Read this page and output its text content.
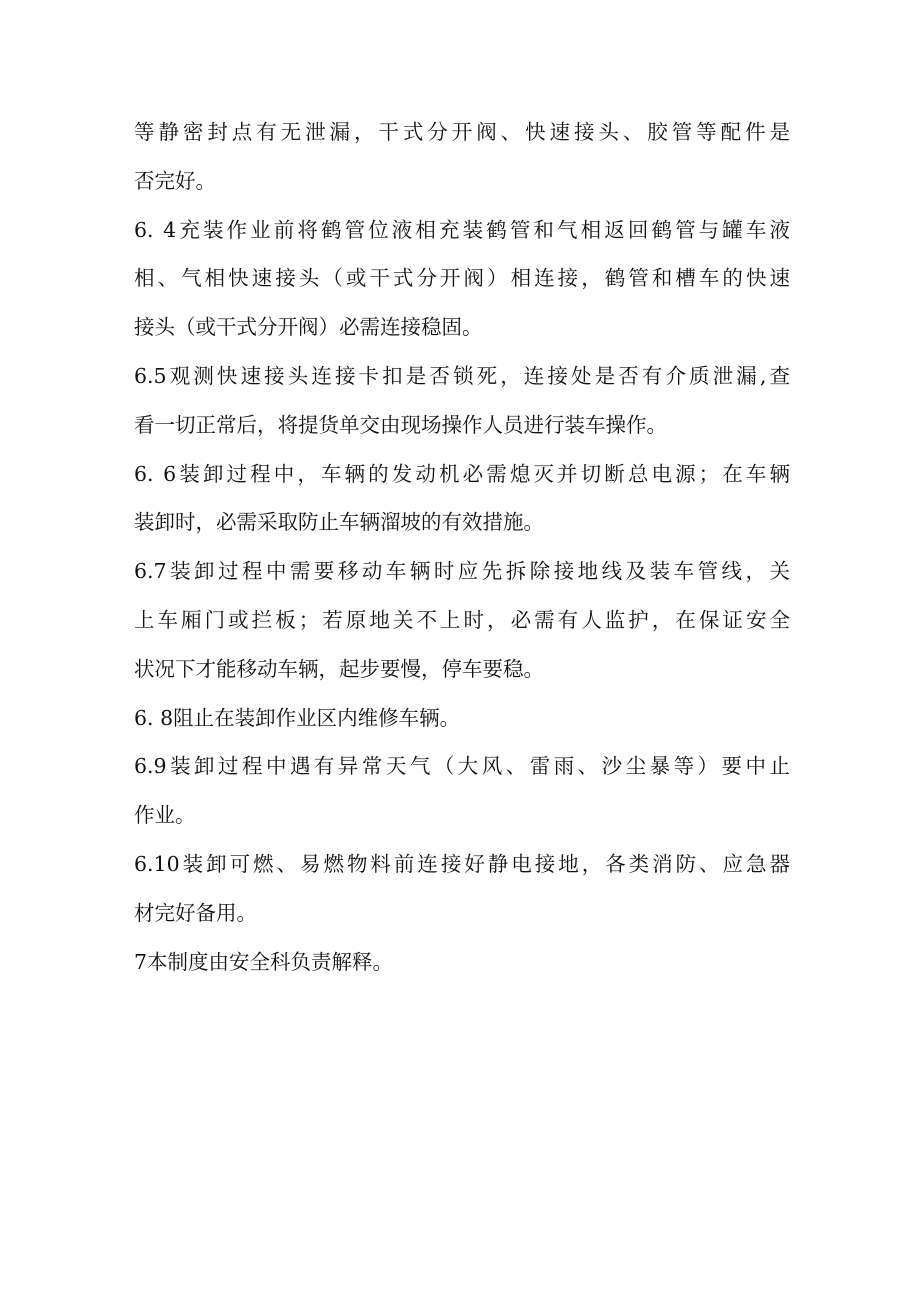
等静密封点有无泄漏，干式分开阀、快速接头、胶管等配件是
否完好。
6. 4充装作业前将鹤管位液相充装鹤管和气相返回鹤管与罐车液
相、气相快速接头（或干式分开阀）相连接，鹤管和槽车的快速
接头（或干式分开阀）必需连接稳固。
6.5观测快速接头连接卡扣是否锁死，连接处是否有介质泄漏,查
看一切正常后，将提货单交由现场操作人员进行装车操作。
6. 6装卸过程中，车辆的发动机必需熄灭并切断总电源；在车辆
装卸时，必需采取防止车辆溜坡的有效措施。
6.7装卸过程中需要移动车辆时应先拆除接地线及装车管线，关
上车厢门或拦板；若原地关不上时，必需有人监护，在保证安全
状况下才能移动车辆，起步要慢，停车要稳。
6. 8阻止在装卸作业区内维修车辆。
6.9装卸过程中遇有异常天气（大风、雷雨、沙尘暴等）要中止
作业。
6.10装卸可燃、易燃物料前连接好静电接地，各类消防、应急器
材完好备用。
7本制度由安全科负责解释。
